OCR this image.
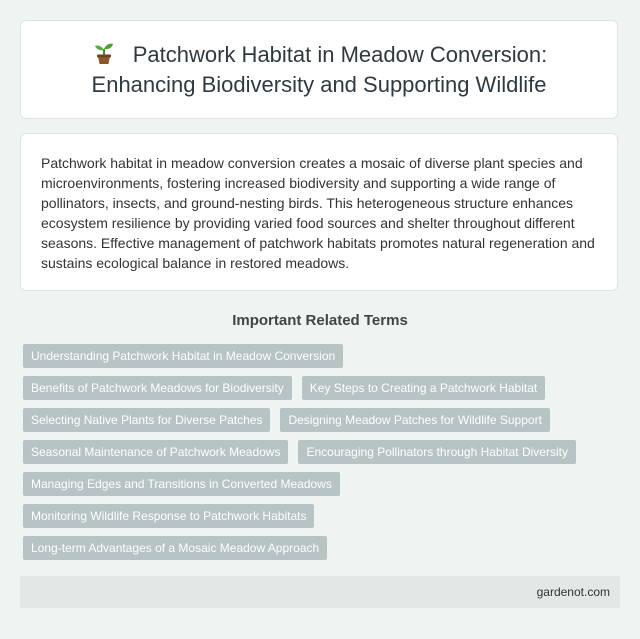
Patchwork Habitat in Meadow Conversion: Enhancing Biodiversity and Supporting Wildlife

Patchwork habitat in meadow conversion creates a mosaic of diverse plant species and microenvironments, fostering increased biodiversity and supporting a wide range of pollinators, insects, and ground-nesting birds. This heterogeneous structure enhances ecosystem resilience by providing varied food sources and shelter throughout different seasons. Effective management of patchwork habitats promotes natural regeneration and sustains ecological balance in restored meadows.

Important Related Terms
Understanding Patchwork Habitat in Meadow Conversion
Benefits of Patchwork Meadows for Biodiversity	Key Steps to Creating a Patchwork Habitat
Selecting Native Plants for Diverse Patches	Designing Meadow Patches for Wildlife Support
Seasonal Maintenance of Patchwork Meadows	Encouraging Pollinators through Habitat Diversity
Managing Edges and Transitions in Converted Meadows
Monitoring Wildlife Response to Patchwork Habitats
Long-term Advantages of a Mosaic Meadow Approach
gardenot.com
